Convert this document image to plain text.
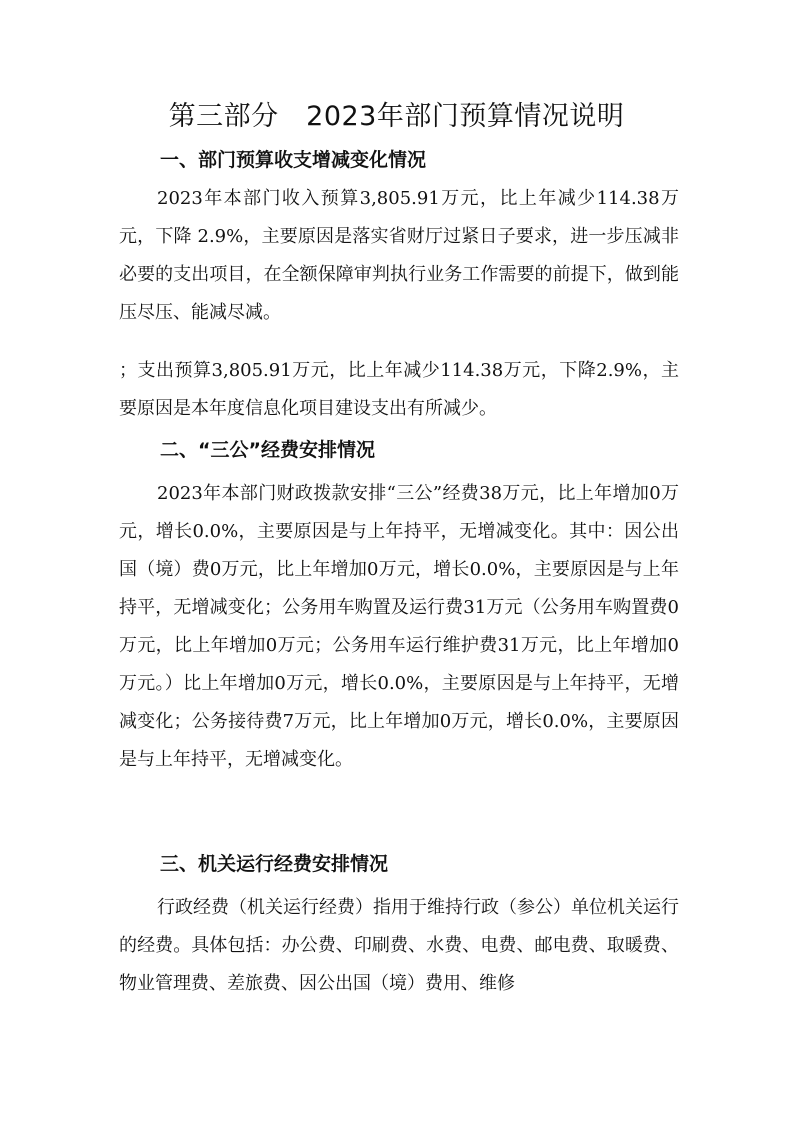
第三部分　2023年部门预算情况说明
一、部门预算收支增减变化情况
2023年本部门收入预算3,805.91万元，比上年减少114.38万元，下降 2.9%，主要原因是落实省财厅过紧日子要求，进一步压减非必要的支出项目，在全额保障审判执行业务工作需要的前提下，做到能压尽压、能减尽减。
；支出预算3,805.91万元，比上年减少114.38万元，下降2.9%，主要原因是本年度信息化项目建设支出有所减少。
二、“三公”经费安排情况
2023年本部门财政拨款安排“三公”经费38万元，比上年增加0万元，增长0.0%，主要原因是与上年持平，无增减变化。其中：因公出国（境）费0万元，比上年增加0万元，增长0.0%，主要原因是与上年持平，无增减变化；公务用车购置及运行费31万元（公务用车购置费0万元，比上年增加0万元；公务用车运行维护费31万元，比上年增加0万元。）比上年增加0万元，增长0.0%，主要原因是与上年持平，无增减变化；公务接待费7万元，比上年增加0万元，增长0.0%，主要原因是与上年持平，无增减变化。
三、机关运行经费安排情况
行政经费（机关运行经费）指用于维持行政（参公）单位机关运行的经费。具体包括：办公费、印刷费、水费、电费、邮电费、取暖费、物业管理费、差旅费、因公出国（境）费用、维修
